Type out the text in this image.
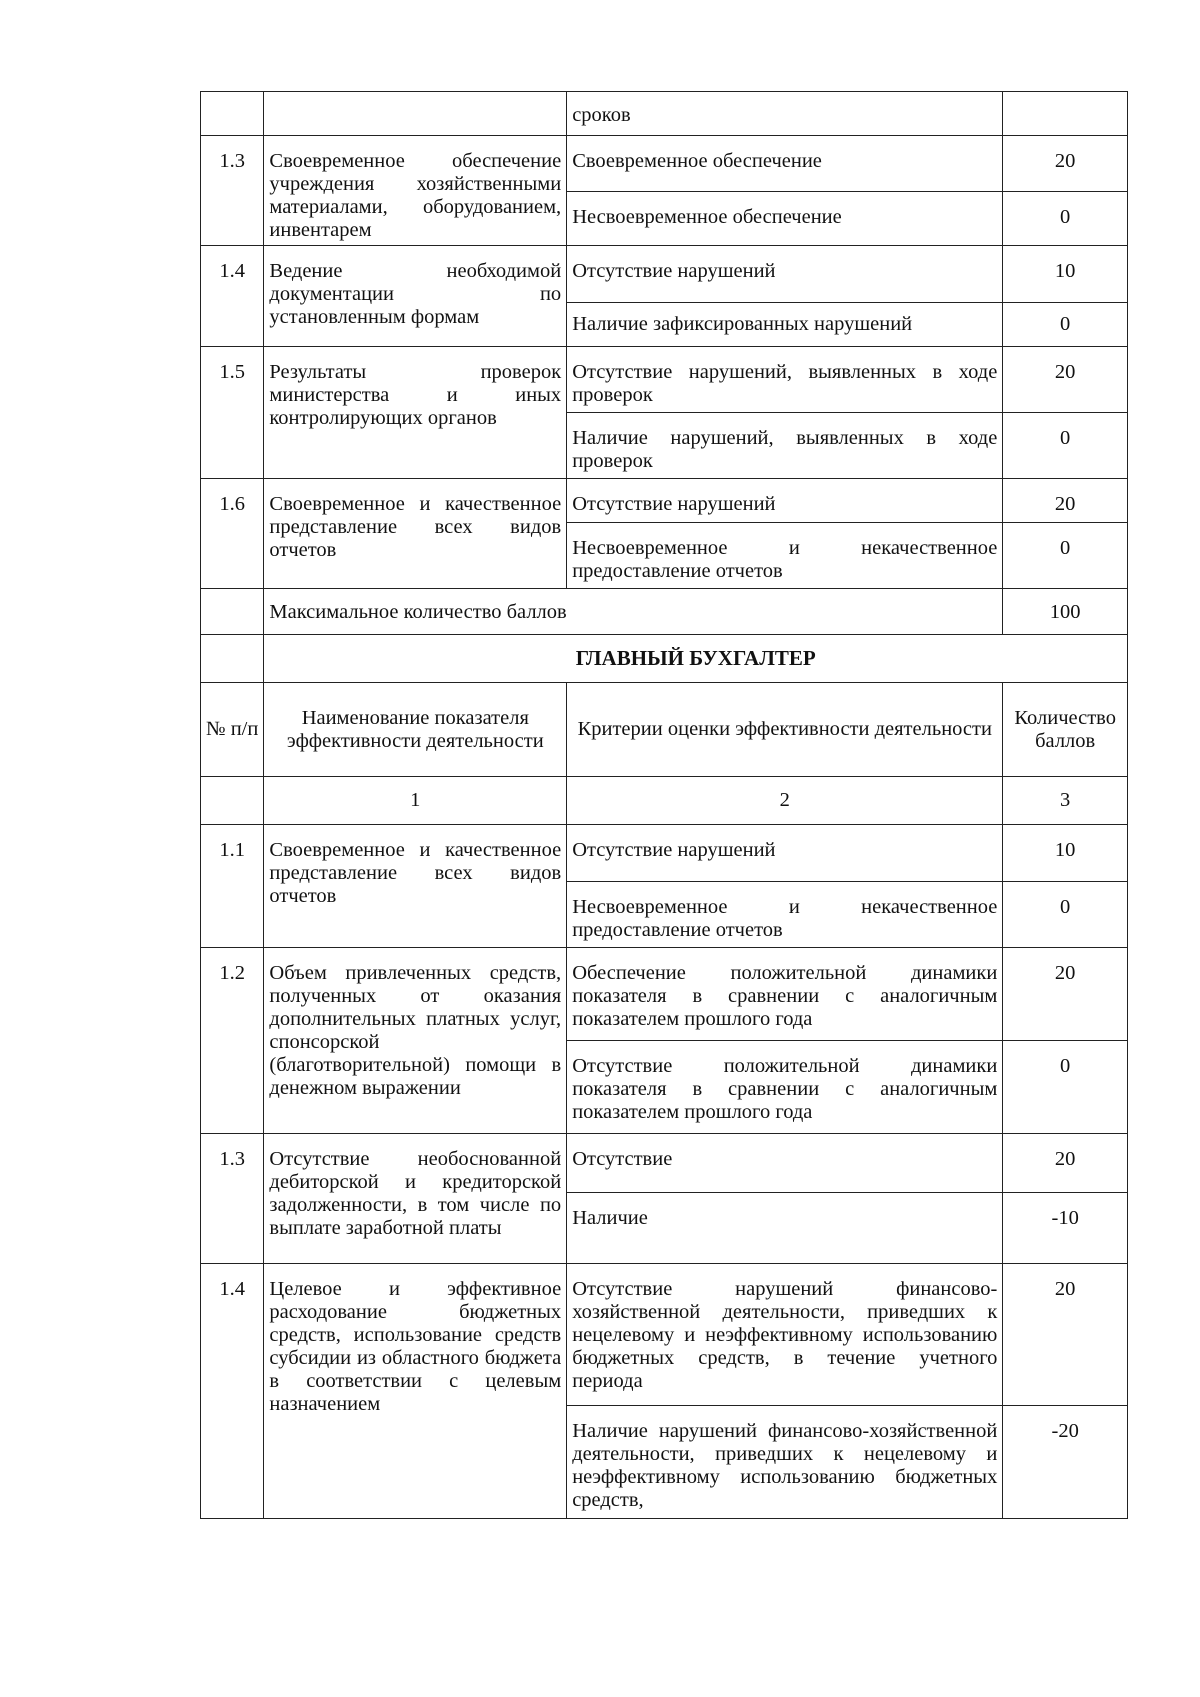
		сроков	
1.3	Своевременное обеспечение учреждения хозяйственными материалами, оборудованием, инвентарем	Своевременное обеспечение	20
		Несвоевременное обеспечение	0
1.4	Ведение необходимой документации по установленным формам	Отсутствие нарушений	10
		Наличие зафиксированных нарушений	0
1.5	Результаты проверок министерства и иных контролирующих органов	Отсутствие нарушений, выявленных в ходе проверок	20
		Наличие нарушений, выявленных в ходе проверок	0
1.6	Своевременное и качественное представление всех видов отчетов	Отсутствие нарушений	20
		Несвоевременное и некачественное предоставление отчетов	0
	Максимальное количество баллов		100
	ГЛАВНЫЙ БУХГАЛТЕР		
№ п/п	Наименование показателя эффективности деятельности	Критерии оценки эффективности деятельности	Количество баллов
	1	2	3
1.1	Своевременное и качественное представление всех видов отчетов	Отсутствие нарушений	10
		Несвоевременное и некачественное предоставление отчетов	0
1.2	Объем привлеченных средств, полученных от оказания дополнительных платных услуг, спонсорской (благотворительной) помощи в денежном выражении	Обеспечение положительной динамики показателя в сравнении с аналогичным показателем прошлого года	20
		Отсутствие положительной динамики показателя в сравнении с аналогичным показателем прошлого года	0
1.3	Отсутствие необоснованной дебиторской и кредиторской задолженности, в том числе по выплате заработной платы	Отсутствие	20
		Наличие	-10
1.4	Целевое и эффективное расходование бюджетных средств, использование средств субсидии из областного бюджета в соответствии с целевым назначением	Отсутствие нарушений финансово-хозяйственной деятельности, приведших к нецелевому и неэффективному использованию бюджетных средств, в течение учетного периода	20
		Наличие нарушений финансово-хозяйственной деятельности, приведших к нецелевому и неэффективному использованию бюджетных средств,	-20
